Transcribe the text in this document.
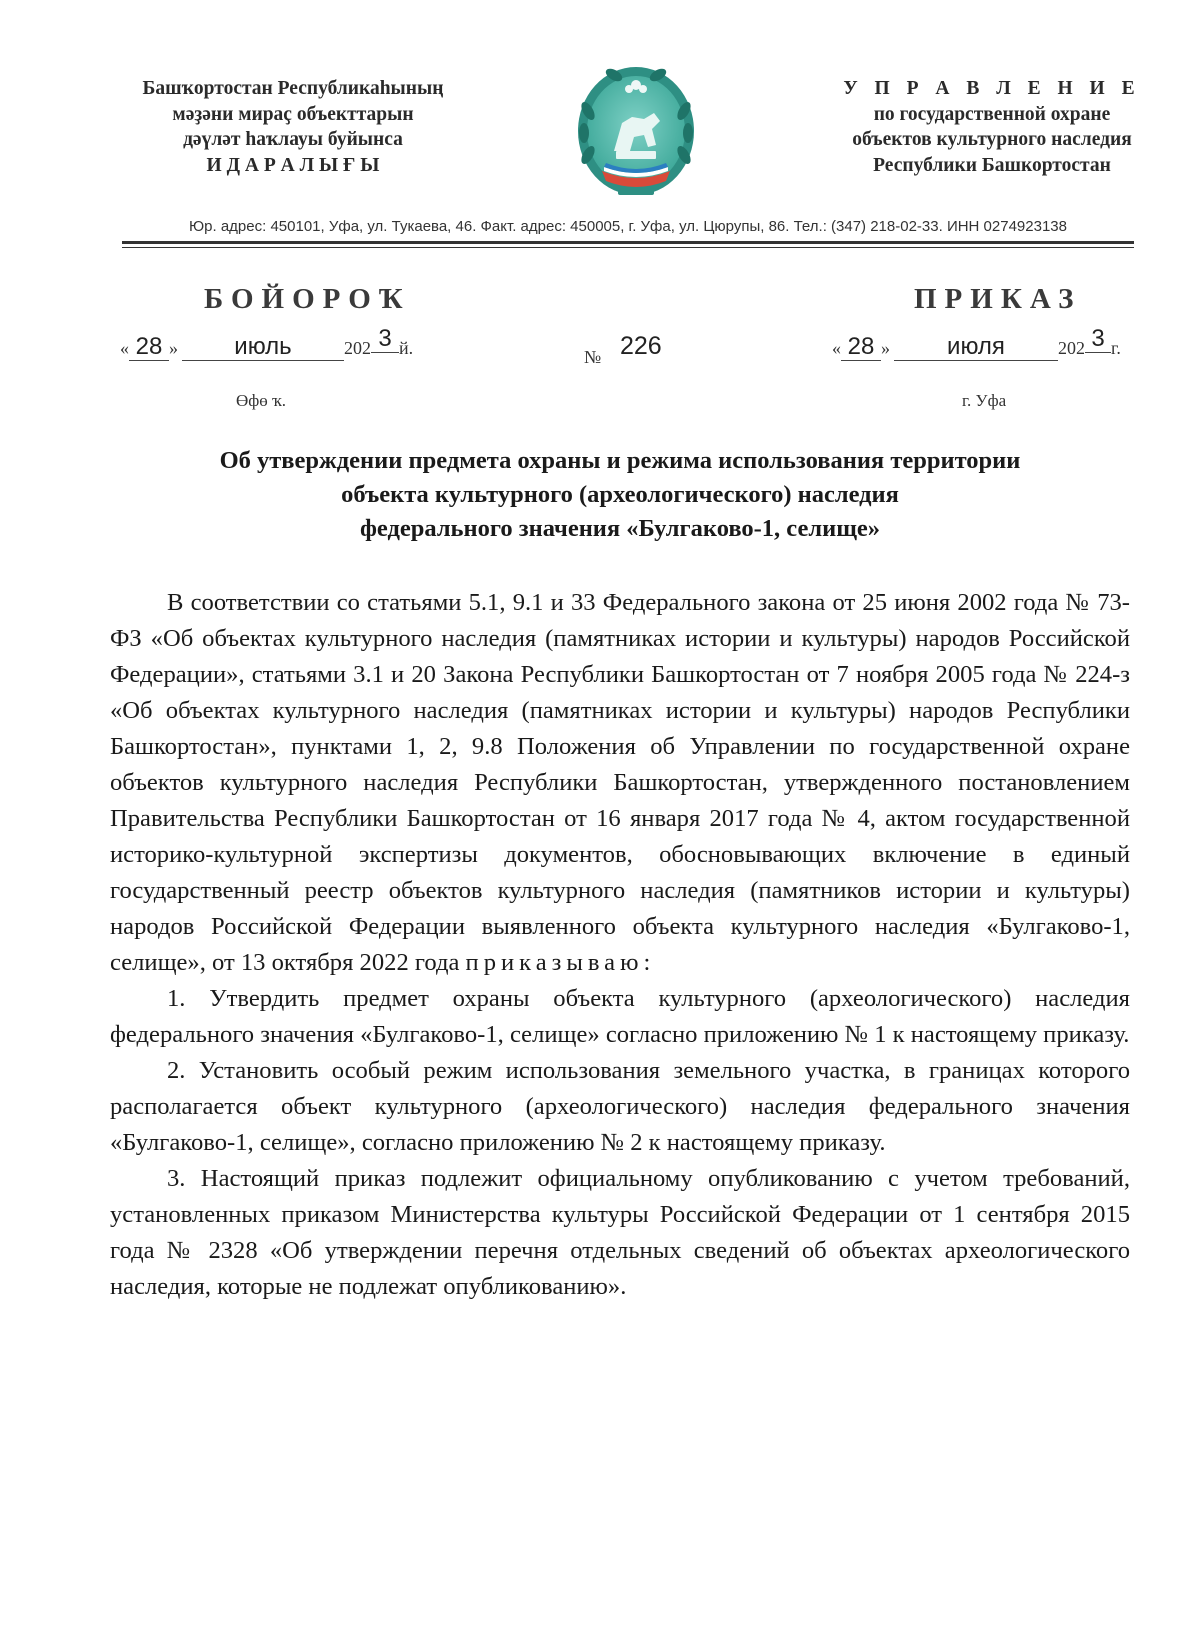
Башҡортостан Республикаһының
мәҙәни мираҫ объекттарын
дәүләт һаҡлауы буйынса
И Д А Р А Л Ы Ғ Ы
У П Р А В Л Е Н И Е
по государственной охране
объектов культурного наследия
Республики Башкортостан
Юр. адрес: 450101, Уфа, ул. Тукаева, 46. Факт. адрес: 450005, г. Уфа, ул. Цюрупы, 86. Тел.: (347) 218-02-33. ИНН 0274923138
БОЙОРОҠ	ПРИКАЗ
« 28 » июль	202 3 й.	№ 226	« 28 » июля	202 3 г.
Өфө ҡ.	г. Уфа
Об утверждении предмета охраны и режима использования территории
объекта культурного (археологического) наследия
федерального значения «Булгаково-1, селище»

В соответствии со статьями 5.1, 9.1 и 33 Федерального закона от 25 июня 2002 года № 73-ФЗ «Об объектах культурного наследия (памятниках истории и культуры) народов Российской Федерации», статьями 3.1 и 20 Закона Республики Башкортостан от 7 ноября 2005 года № 224-з «Об объектах культурного наследия (памятниках истории и культуры) народов Республики Башкортостан», пунктами 1, 2, 9.8 Положения об Управлении по государственной охране объектов культурного наследия Республики Башкортостан, утвержденного постановлением Правительства Республики Башкортостан от 16 января 2017 года № 4, актом государственной историко-культурной экспертизы документов, обосновывающих включение в единый государственный реестр объектов культурного наследия (памятников истории и культуры) народов Российской Федерации выявленного объекта культурного наследия «Булгаково-1, селище», от 13 октября 2022 года приказываю:

1. Утвердить предмет охраны объекта культурного (археологического) наследия федерального значения «Булгаково-1, селище» согласно приложению № 1 к настоящему приказу.

2. Установить особый режим использования земельного участка, в границах которого располагается объект культурного (археологического) наследия федерального значения «Булгаково-1, селище», согласно приложению № 2 к настоящему приказу.

3. Настоящий приказ подлежит официальному опубликованию с учетом требований, установленных приказом Министерства культуры Российской Федерации от 1 сентября 2015 года № 2328 «Об утверждении перечня отдельных сведений об объектах археологического наследия, которые не подлежат опубликованию».
